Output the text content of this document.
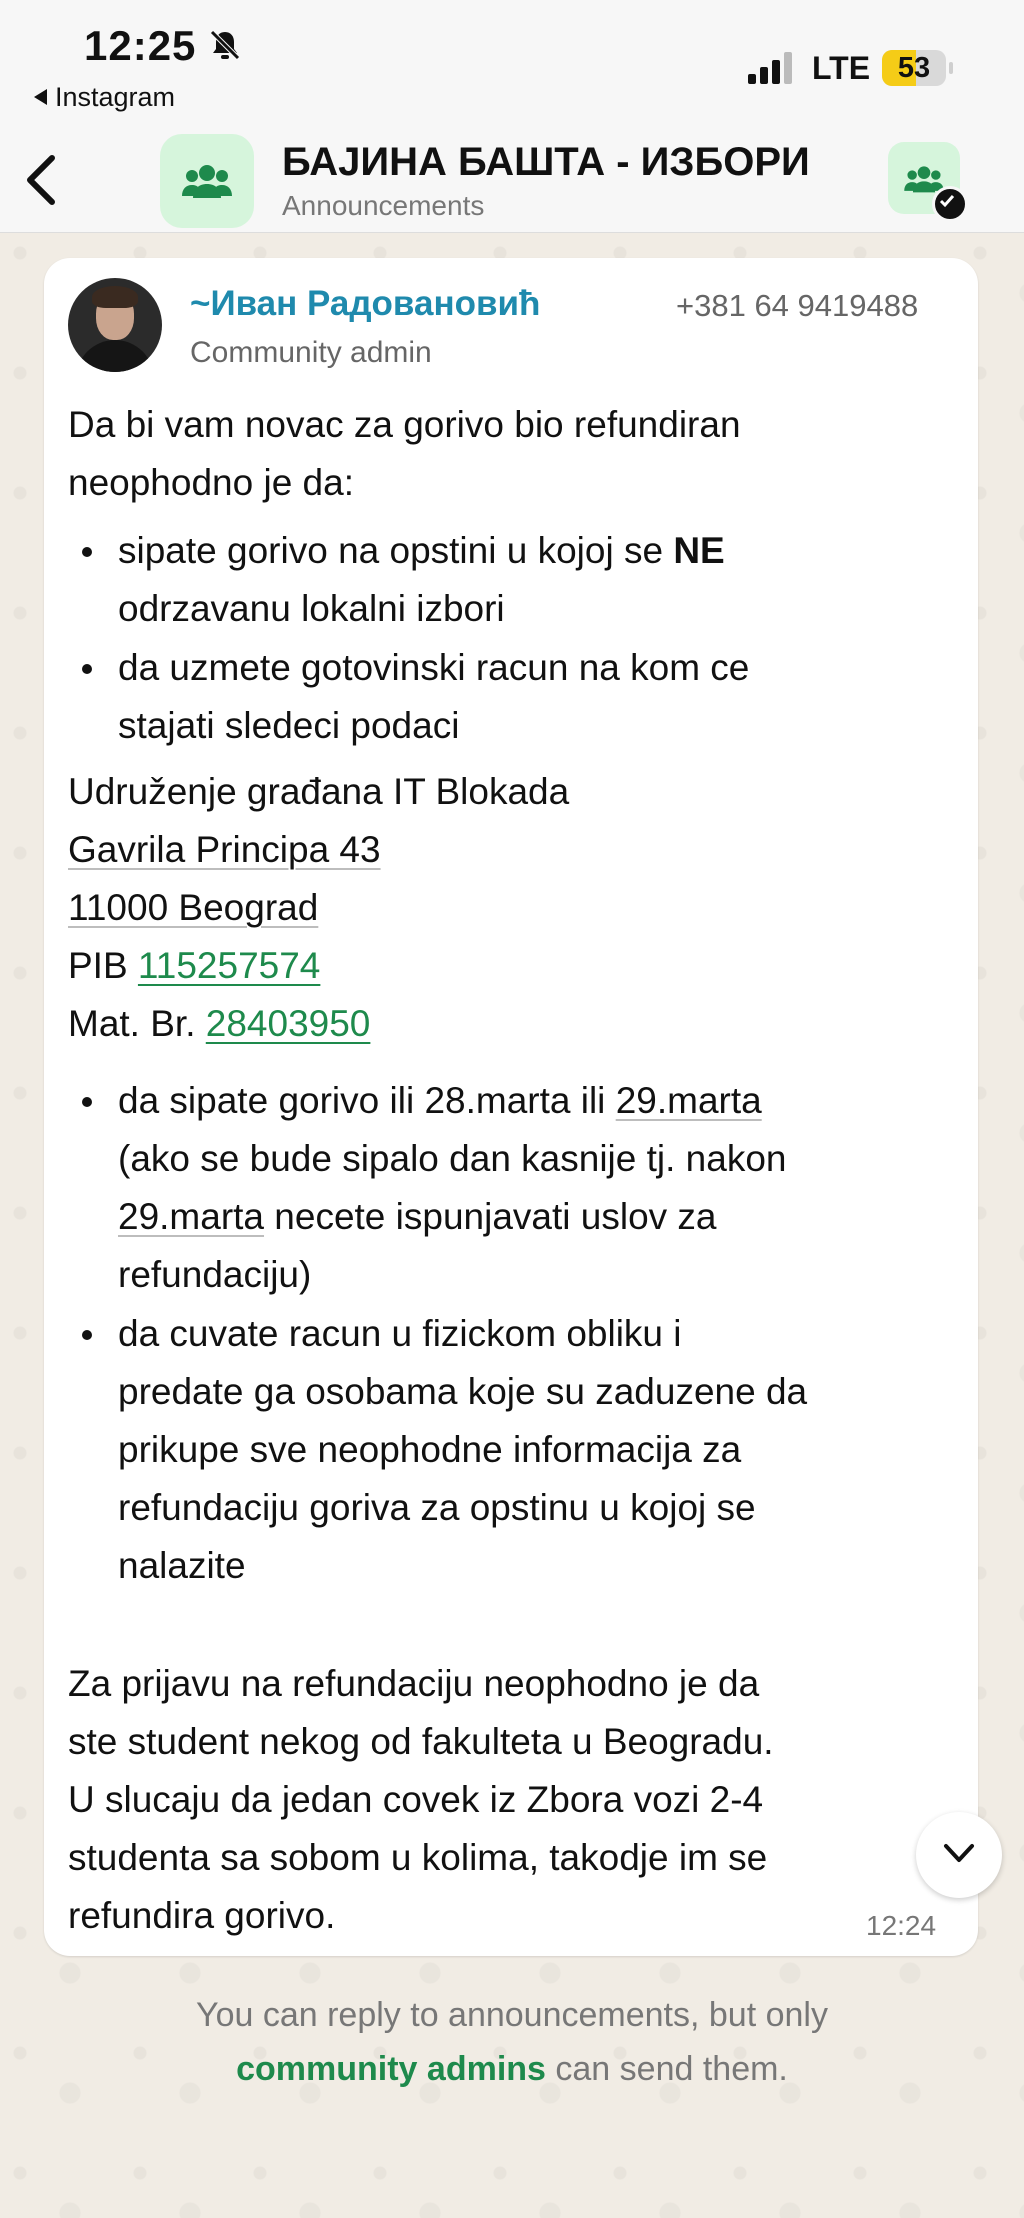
12:25
Instagram
LTE 53
БАЈИНА БАШТА - ИЗБОРИ
Announcements
~Иван Радовановић	+381 64 9419488
Community admin
Da bi vam novac za gorivo bio refundiran
neophodno je da:
sipate gorivo na opstini u kojoj se NE
odrzavanu lokalni izbori
da uzmete gotovinski racun na kom ce
stajati sledeci podaci
Udruženje građana IT Blokada
Gavrila Principa 43
11000 Beograd
PIB 115257574
Mat. Br. 28403950
da sipate gorivo ili 28.marta ili 29.marta
(ako se bude sipalo dan kasnije tj. nakon
29.marta necete ispunjavati uslov za
refundaciju)
da cuvate racun u fizickom obliku i
predate ga osobama koje su zaduzene da
prikupe sve neophodne informacija za
refundaciju goriva za opstinu u kojoj se
nalazite
Za prijavu na refundaciju neophodno je da
ste student nekog od fakulteta u Beogradu.
U slucaju da jedan covek iz Zbora vozi 2-4
studenta sa sobom u kolima, takodje im se
refundira gorivo.	12:24
You can reply to announcements, but only
community admins can send them.
